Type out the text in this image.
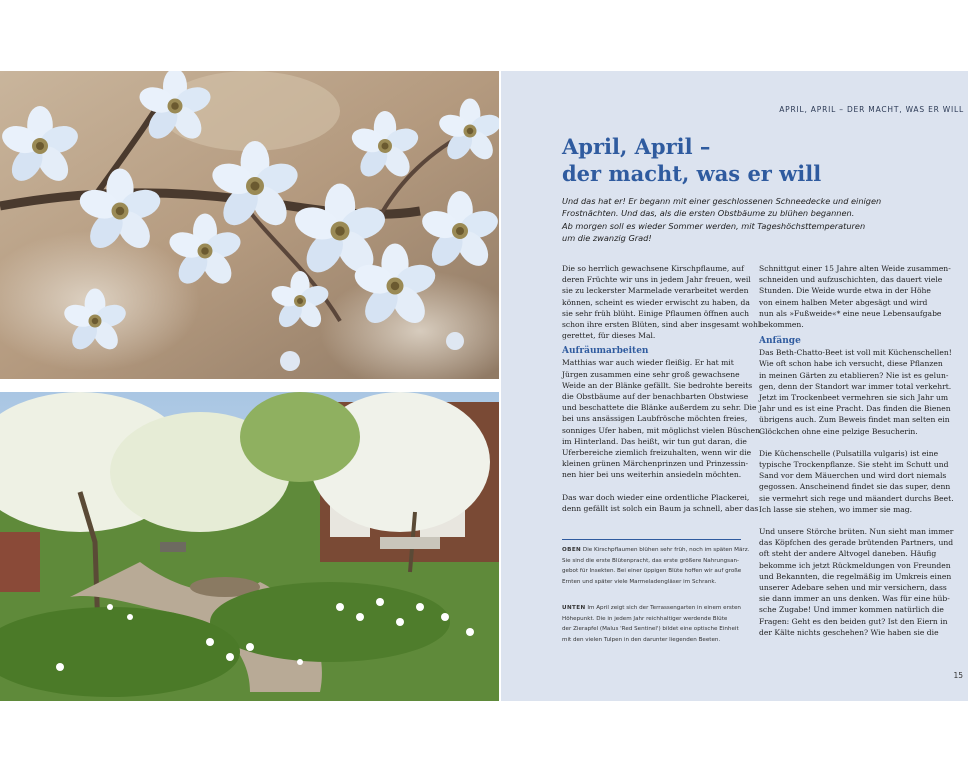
APRIL, APRIL – DER MACHT, WAS ER WILL
April, April –
der macht, was er will
Und das hat er! Er begann mit einer geschlossenen Schneedecke und einigen
Frostnächten. Und das, als die ersten Obstbäume zu blühen begannen.
Ab morgen soll es wieder Sommer werden, mit Tageshöchsttemperaturen
um die zwanzig Grad!
Die so herrlich gewachsene Kirschpflaume, auf
deren Früchte wir uns in jedem Jahr freuen, weil
sie zu leckerster Marmelade verarbeitet werden
können, scheint es wieder erwischt zu haben, da
sie sehr früh blüht. Einige Pflaumen öffnen auch
schon ihre ersten Blüten, sind aber insgesamt wohl
gerettet, für dieses Mal.
Aufräumarbeiten
Matthias war auch wieder fleißig. Er hat mit
Jürgen zusammen eine sehr groß gewachsene
Weide an der Blänke gefällt. Sie bedrohte bereits
die Obstbäume auf der benachbarten Obstwiese
und beschattete die Blänke außerdem zu sehr. Die
bei uns ansässigen Laubfrösche möchten freies,
sonniges Ufer haben, mit möglichst vielen Büschen
im Hinterland. Das heißt, wir tun gut daran, die
Uferbereiche ziemlich freizuhalten, wenn wir die
kleinen grünen Märchenprinzen und Prinzessin-
nen hier bei uns weiterhin ansiedeln möchten.
Das war doch wieder eine ordentliche Plackerei,
denn gefällt ist solch ein Baum ja schnell, aber das
Schnittgut einer 15 Jahre alten Weide zusammen-
schneiden und aufzuschichten, das dauert viele
Stunden. Die Weide wurde etwa in der Höhe
von einem halben Meter abgesägt und wird
nun als »Fußweide«* eine neue Lebensaufgabe
bekommen.
Anfänge
Das Beth-Chatto-Beet ist voll mit Küchenschellen!
Wie oft schon habe ich versucht, diese Pflanzen
in meinen Gärten zu etablieren? Nie ist es gelun-
gen, denn der Standort war immer total verkehrt.
Jetzt im Trockenbeet vermehren sie sich Jahr um
Jahr und es ist eine Pracht. Das finden die Bienen
übrigens auch. Zum Beweis findet man selten ein
Glöckchen ohne eine pelzige Besucherin.
Die Küchenschelle (Pulsatilla vulgaris) ist eine
typische Trockenpflanze. Sie steht im Schutt und
Sand vor dem Mäuerchen und wird dort niemals
gegossen. Anscheinend findet sie das super, denn
sie vermehrt sich rege und mäandert durchs Beet.
Ich lasse sie stehen, wo immer sie mag.
Und unsere Störche brüten. Nun sieht man immer
das Köpfchen des gerade brütenden Partners, und
oft steht der andere Altvogel daneben. Häufig
bekomme ich jetzt Rückmeldungen von Freunden
und Bekannten, die regelmäßig im Umkreis einen
unserer Adebare sehen und mir versichern, dass
sie dann immer an uns denken. Was für eine hüb-
sche Zugabe! Und immer kommen natürlich die
Fragen: Geht es den beiden gut? Ist den Eiern in
der Kälte nichts geschehen? Wie haben sie die
OBEN Die Kirschpflaumen blühen sehr früh, noch im späten März.
Sie sind die erste Blütenpracht, das erste größere Nahrungsan-
gebot für Insekten. Bei einer üppigen Blüte hoffen wir auf große
Ernten und später viele Marmeladengläser im Schrank.
UNTEN Im April zeigt sich der Terrassengarten in einem ersten
Höhepunkt. Die in jedem Jahr reichhaltiger werdende Blüte
der Zierapfel (Malus 'Red Sentinel') bildet eine optische Einheit
mit den vielen Tulpen in den darunter liegenden Beeten.
15
